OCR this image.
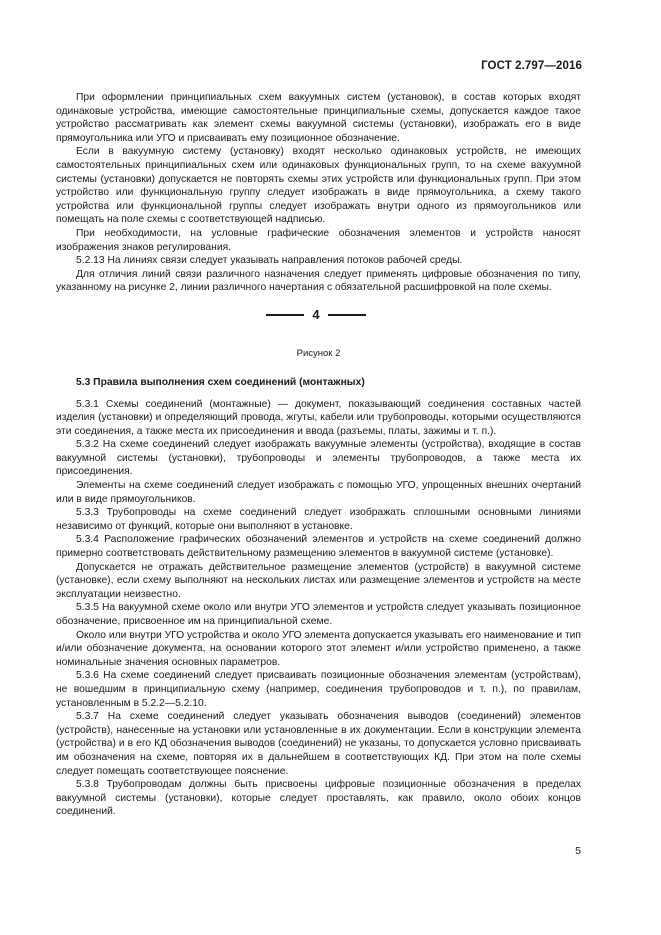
ГОСТ 2.797—2016

При оформлении принципиальных схем вакуумных систем (установок), в состав которых входят одинаковые устройства, имеющие самостоятельные принципиальные схемы, допускается каждое такое устройство рассматривать как элемент схемы вакуумной системы (установки), изображать его в виде прямоугольника или УГО и присваивать ему позиционное обозначение.

Если в вакуумную систему (установку) входят несколько одинаковых устройств, не имеющих самостоятельных принципиальных схем или одинаковых функциональных групп, то на схеме вакуумной системы (установки) допускается не повторять схемы этих устройств или функциональных групп. При этом устройство или функциональную группу следует изображать в виде прямоугольника, а схему такого устройства или функциональной группы следует изображать внутри одного из прямоугольников или помещать на поле схемы с соответствующей надписью.

При необходимости, на условные графические обозначения элементов и устройств наносят изображения знаков регулирования.

5.2.13 На линиях связи следует указывать направления потоков рабочей среды.

Для отличия линий связи различного назначения следует применять цифровые обозначения по типу, указанному на рисунке 2, линии различного начертания с обязательной расшифровкой на поле схемы.

4
Рисунок 2

5.3 Правила выполнения схем соединений (монтажных)

5.3.1 Схемы соединений (монтажные) — документ, показывающий соединения составных частей изделия (установки) и определяющий провода, жгуты, кабели или трубопроводы, которыми осуществляются эти соединения, а также места их присоединения и ввода (разъемы, платы, зажимы и т. п.).

5.3.2 На схеме соединений следует изображать вакуумные элементы (устройства), входящие в состав вакуумной системы (установки), трубопроводы и элементы трубопроводов, а также места их присоединения.

Элементы на схеме соединений следует изображать с помощью УГО, упрощенных внешних очертаний или в виде прямоугольников.

5.3.3 Трубопроводы на схеме соединений следует изображать сплошными основными линиями независимо от функций, которые они выполняют в установке.

5.3.4 Расположение графических обозначений элементов и устройств на схеме соединений должно примерно соответствовать действительному размещению элементов в вакуумной системе (установке).

Допускается не отражать действительное размещение элементов (устройств) в вакуумной системе (установке), если схему выполняют на нескольких листах или размещение элементов и устройств на месте эксплуатации неизвестно.

5.3.5 На вакуумной схеме около или внутри УГО элементов и устройств следует указывать позиционное обозначение, присвоенное им на принципиальной схеме.

Около или внутри УГО устройства и около УГО элемента допускается указывать его наименование и тип и/или обозначение документа, на основании которого этот элемент и/или устройство применено, а также номинальные значения основных параметров.

5.3.6 На схеме соединений следует присваивать позиционные обозначения элементам (устройствам), не вошедшим в принципиальную схему (например, соединения трубопроводов и т. п.), по правилам, установленным в 5.2.2—5.2.10.

5.3.7 На схеме соединений следует указывать обозначения выводов (соединений) элементов (устройств), нанесенные на установки или установленные в их документации. Если в конструкции элемента (устройства) и в его КД обозначения выводов (соединений) не указаны, то допускается условно присваивать им обозначения на схеме, повторяя их в дальнейшем в соответствующих КД. При этом на поле схемы следует помещать соответствующее пояснение.

5.3.8 Трубопроводам должны быть присвоены цифровые позиционные обозначения в пределах вакуумной системы (установки), которые следует проставлять, как правило, около обоих концов соединений.

5
